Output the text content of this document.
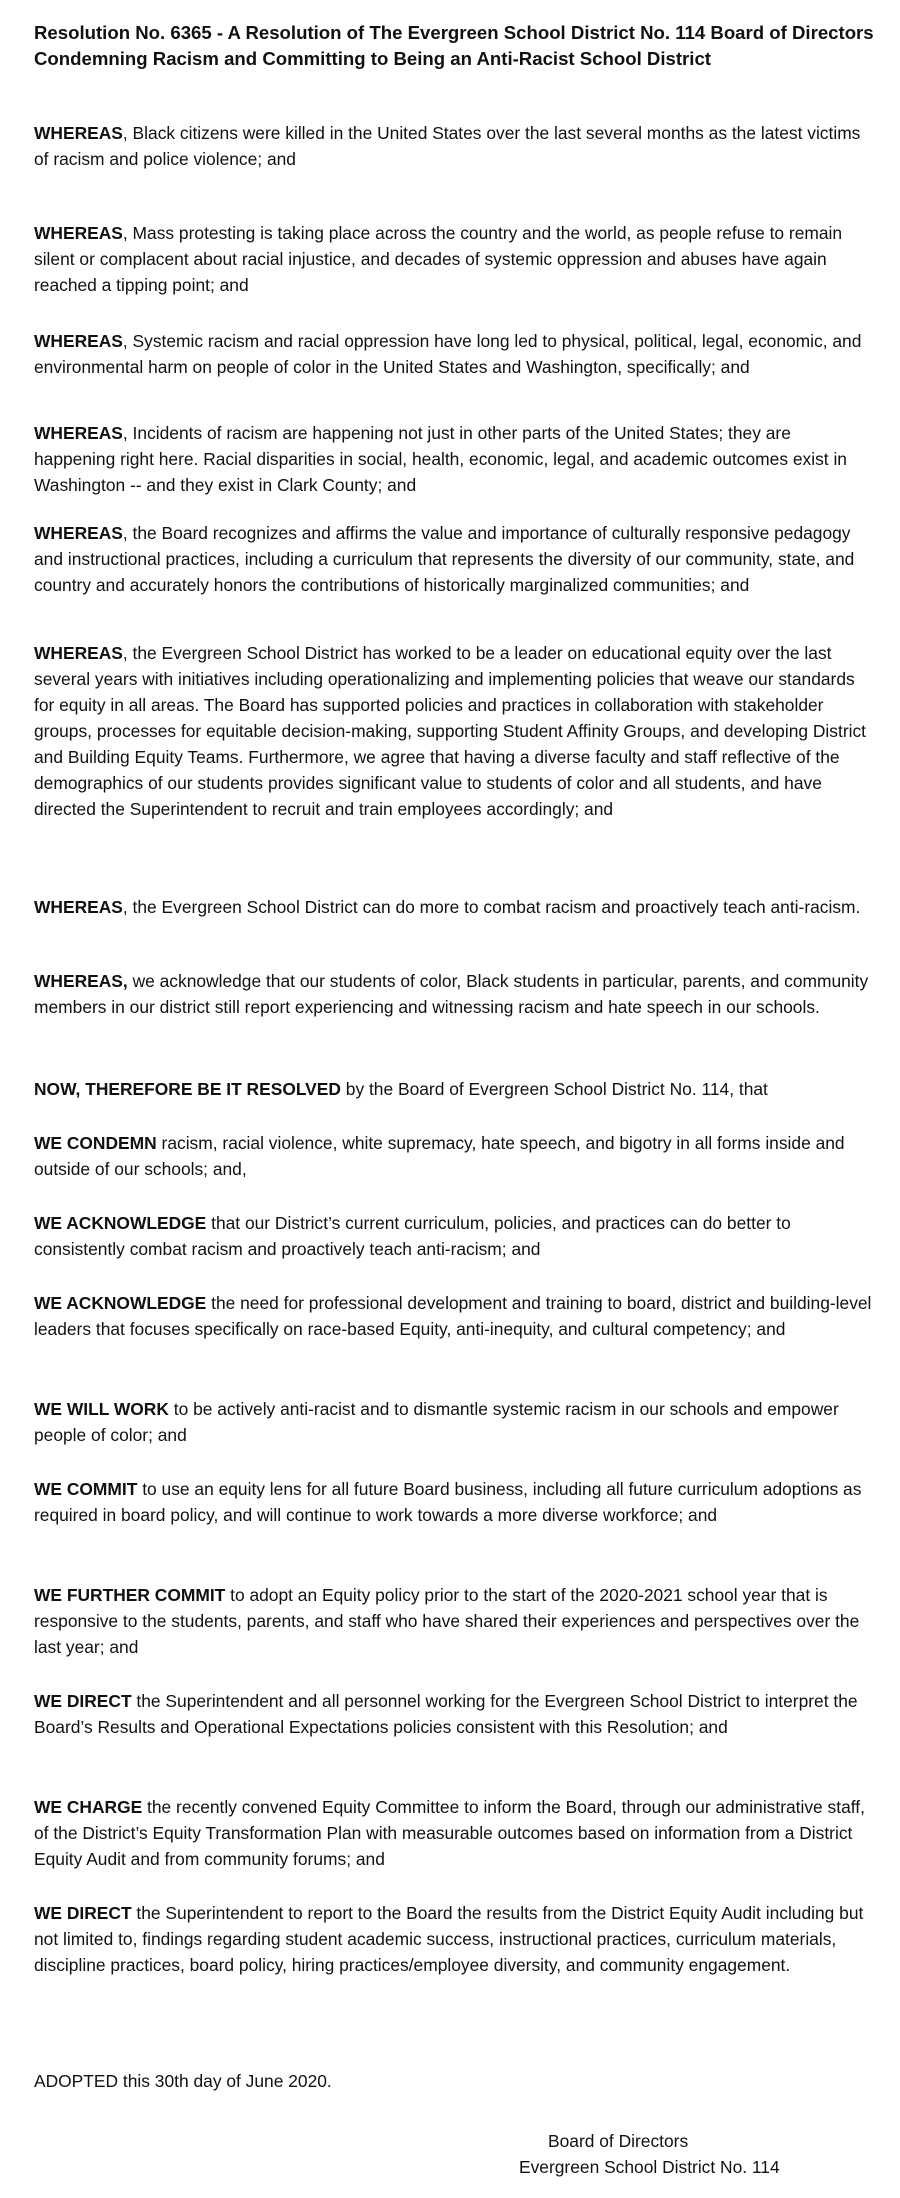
Resolution No. 6365 - A Resolution of The Evergreen School District No. 114 Board of Directors Condemning Racism and Committing to Being an Anti-Racist School District

WHEREAS, Black citizens were killed in the United States over the last several months as the latest victims of racism and police violence; and

WHEREAS, Mass protesting is taking place across the country and the world, as people refuse to remain silent or complacent about racial injustice, and decades of systemic oppression and abuses have again reached a tipping point; and

WHEREAS, Systemic racism and racial oppression have long led to physical, political, legal, economic, and environmental harm on people of color in the United States and Washington, specifically; and

WHEREAS, Incidents of racism are happening not just in other parts of the United States; they are happening right here. Racial disparities in social, health, economic, legal, and academic outcomes exist in Washington -- and they exist in Clark County; and

WHEREAS, the Board recognizes and affirms the value and importance of culturally responsive pedagogy and instructional practices, including a curriculum that represents the diversity of our community, state, and country and accurately honors the contributions of historically marginalized communities; and

WHEREAS, the Evergreen School District has worked to be a leader on educational equity over the last several years with initiatives including operationalizing and implementing policies that weave our standards for equity in all areas. The Board has supported policies and practices in collaboration with stakeholder groups, processes for equitable decision-making, supporting Student Affinity Groups, and developing District and Building Equity Teams. Furthermore, we agree that having a diverse faculty and staff reflective of the demographics of our students provides significant value to students of color and all students, and have directed the Superintendent to recruit and train employees accordingly; and

WHEREAS, the Evergreen School District can do more to combat racism and proactively teach anti-racism.

WHEREAS, we acknowledge that our students of color, Black students in particular, parents, and community members in our district still report experiencing and witnessing racism and hate speech in our schools.

NOW, THEREFORE BE IT RESOLVED by the Board of Evergreen School District No. 114, that

WE CONDEMN racism, racial violence, white supremacy, hate speech, and bigotry in all forms inside and outside of our schools; and,

WE ACKNOWLEDGE that our District’s current curriculum, policies, and practices can do better to consistently combat racism and proactively teach anti-racism; and

WE ACKNOWLEDGE the need for professional development and training to board, district and building-level leaders that focuses specifically on race-based Equity, anti-inequity, and cultural competency; and

WE WILL WORK to be actively anti-racist and to dismantle systemic racism in our schools and empower people of color; and

WE COMMIT to use an equity lens for all future Board business, including all future curriculum adoptions as required in board policy, and will continue to work towards a more diverse workforce; and

WE FURTHER COMMIT to adopt an Equity policy prior to the start of the 2020-2021 school year that is responsive to the students, parents, and staff who have shared their experiences and perspectives over the last year; and

WE DIRECT the Superintendent and all personnel working for the Evergreen School District to interpret the Board’s Results and Operational Expectations policies consistent with this Resolution; and

WE CHARGE the recently convened Equity Committee to inform the Board, through our administrative staff, of the District’s Equity Transformation Plan with measurable outcomes based on information from a District Equity Audit and from community forums; and

WE DIRECT the Superintendent to report to the Board the results from the District Equity Audit including but not limited to, findings regarding student academic success, instructional practices, curriculum materials, discipline practices, board policy, hiring practices/employee diversity, and community engagement.

ADOPTED this 30th day of June 2020.

Board of Directors

Evergreen School District No. 114
